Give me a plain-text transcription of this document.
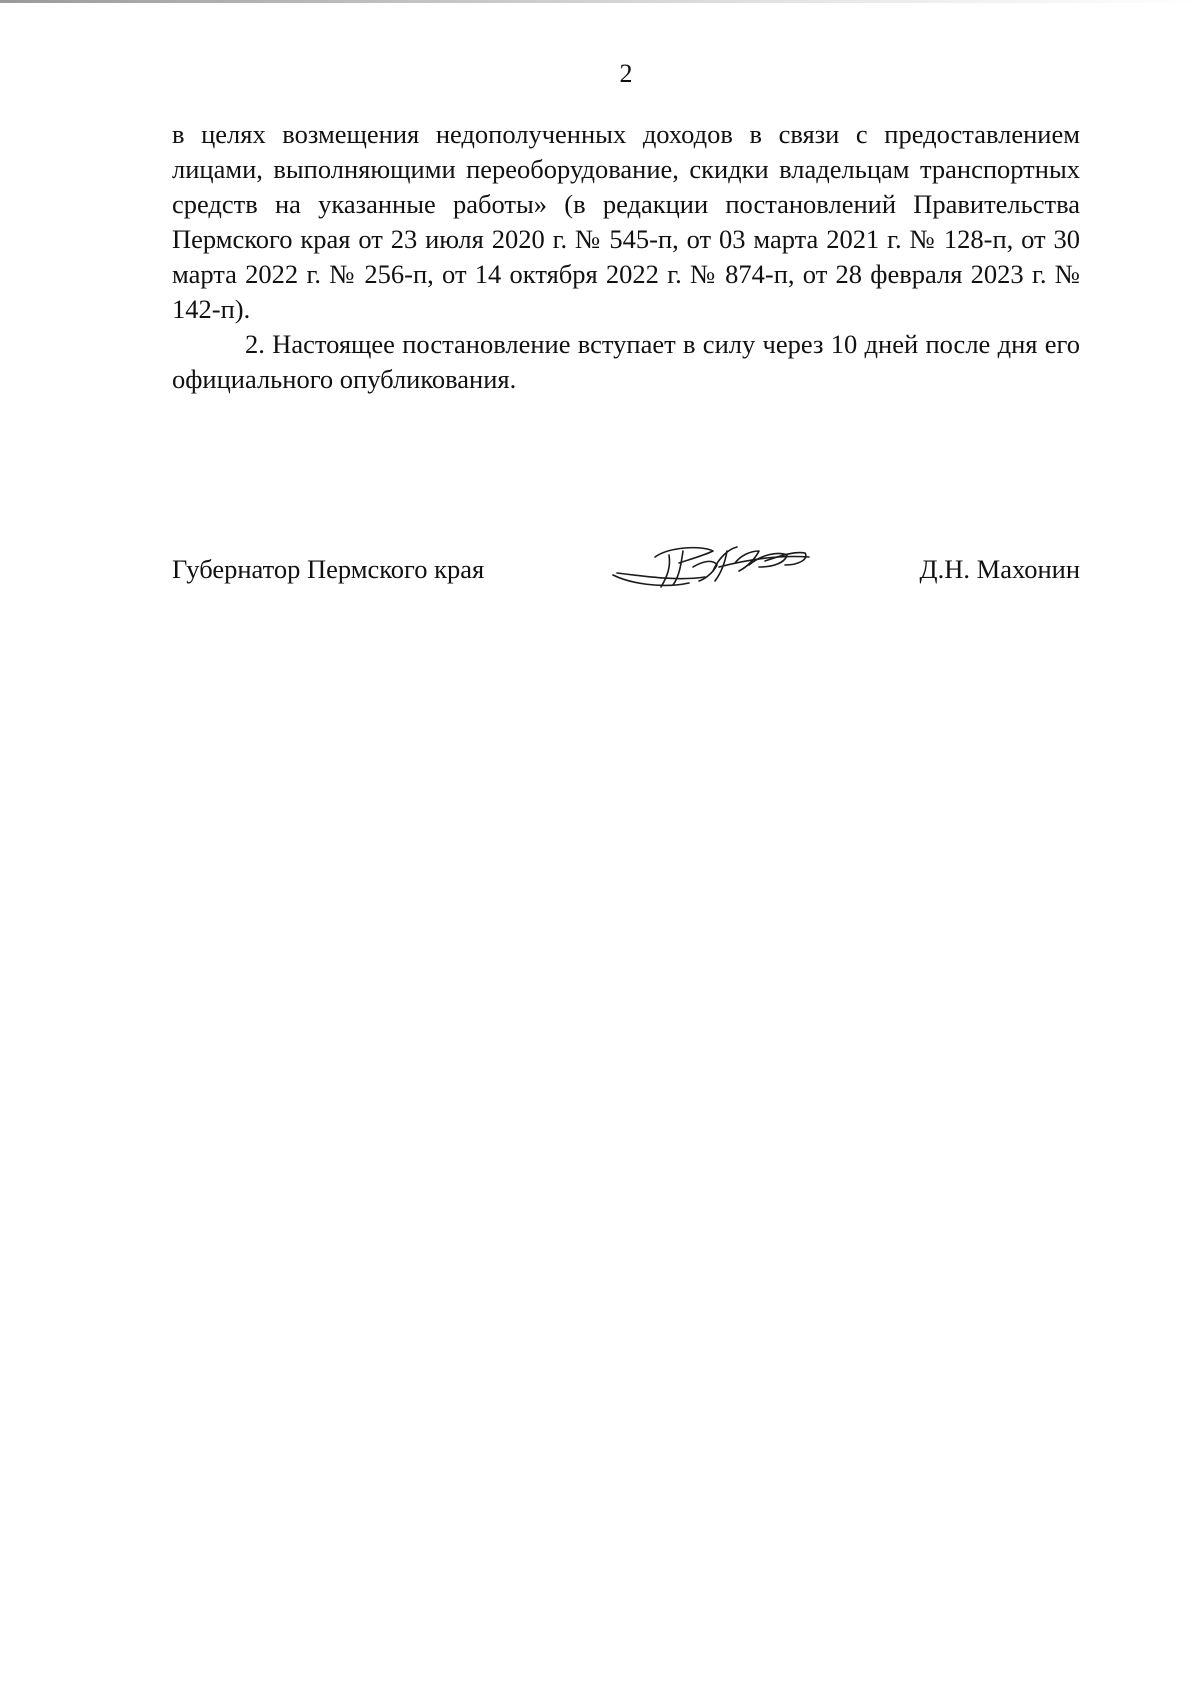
2

в целях возмещения недополученных доходов в связи с предоставлением лицами, выполняющими переоборудование, скидки владельцам транспортных средств на указанные работы» (в редакции постановлений Правительства Пермского края от 23 июля 2020 г. № 545-п, от 03 марта 2021 г. № 128-п, от 30 марта 2022 г. № 256-п, от 14 октября 2022 г. № 874-п, от 28 февраля 2023 г. № 142-п).

2. Настоящее постановление вступает в силу через 10 дней после дня его официального опубликования.

Губернатор Пермского края	Д.Н. Махонин
